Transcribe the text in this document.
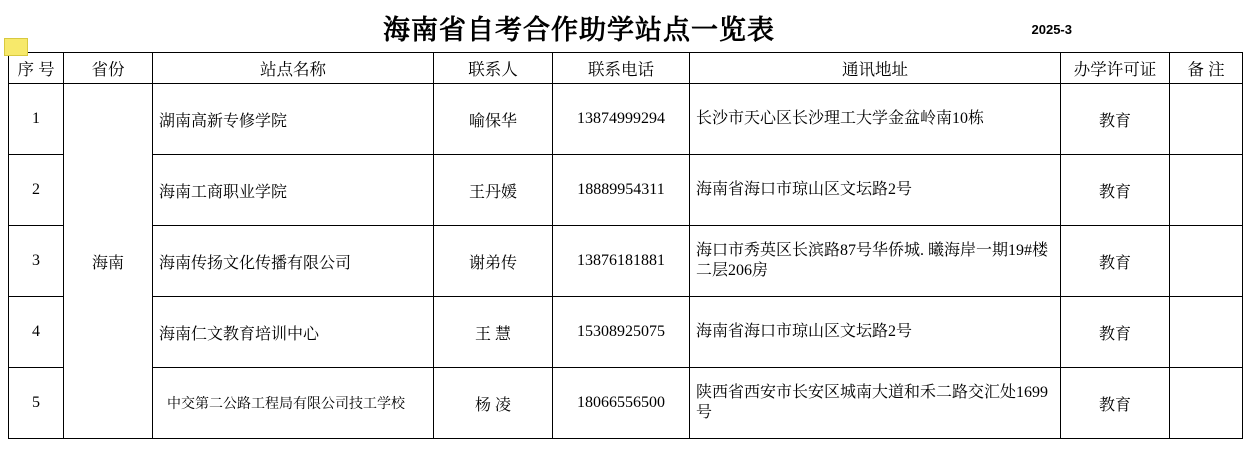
海南省自考合作助学站点一览表	2025-3
序 号	省份	站点名称	联系人	联系电话	通讯地址	办学许可证	备 注
1	海南	湖南高新专修学院	喻保华	13874999294	长沙市天心区长沙理工大学金盆岭南10栋	教育	
2		海南工商职业学院	王丹媛	18889954311	海南省海口市琼山区文坛路2号	教育	
3		海南传扬文化传播有限公司	谢弟传	13876181881	海口市秀英区长滨路87号华侨城. 曦海岸一期19#楼二层206房	教育	
4		海南仁文教育培训中心	王 慧	15308925075	海南省海口市琼山区文坛路2号	教育	
5		中交第二公路工程局有限公司技工学校	杨 凌	18066556500	陕西省西安市长安区城南大道和禾二路交汇处1699号	教育	
